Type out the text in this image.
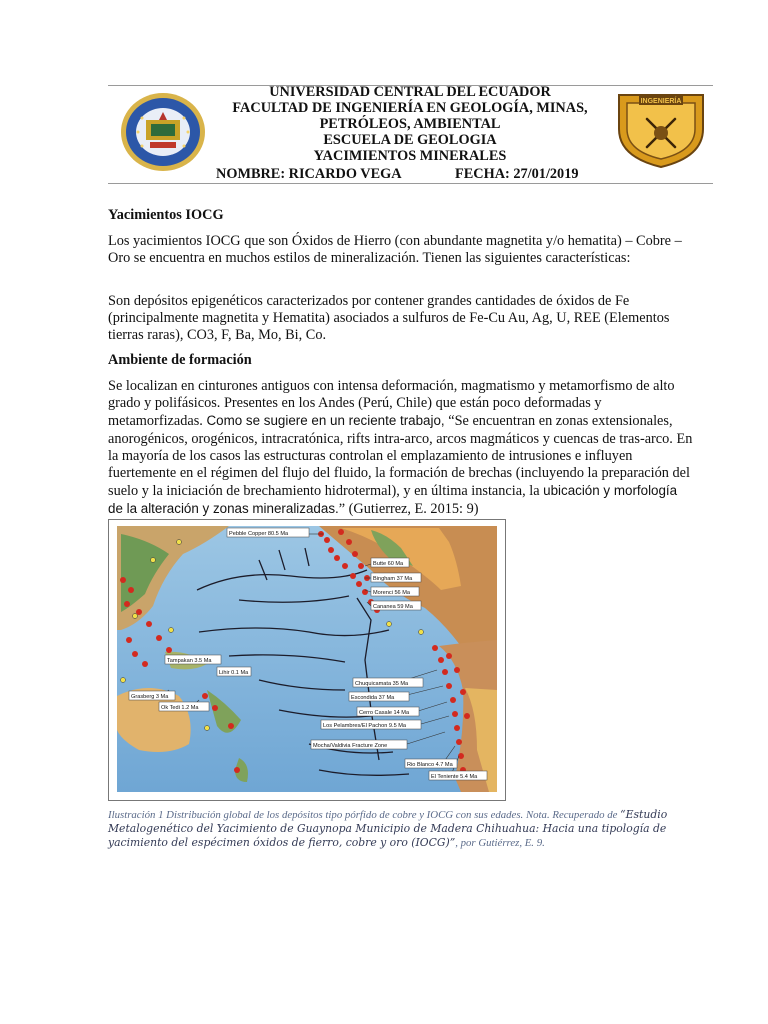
INGENIERÍA
UNIVERSIDAD CENTRAL DEL ECUADOR
FACULTAD DE INGENIERÍA EN GEOLOGÍA, MINAS,
PETRÓLEOS, AMBIENTAL
ESCUELA DE GEOLOGIA
YACIMIENTOS MINERALES
NOMBRE: RICARDO VEGA	FECHA: 27/01/2019

Yacimientos IOCG

Los yacimientos IOCG que son Óxidos de Hierro (con abundante magnetita y/o hematita) – Cobre – Oro se encuentra en muchos estilos de mineralización. Tienen las siguientes características:

Son depósitos epigenéticos caracterizados por contener grandes cantidades de óxidos de Fe (principalmente magnetita y Hematita) asociados a sulfuros de Fe-Cu Au, Ag, U, REE (Elementos tierras raras), CO3, F, Ba, Mo, Bi, Co.

Ambiente de formación

Se localizan en cinturones antiguos con intensa deformación, magmatismo y metamorfismo de alto grado y polifásicos. Presentes en los Andes (Perú, Chile) que están poco deformadas y metamorfizadas. Como se sugiere en un reciente trabajo, “Se encuentran en zonas extensionales, anorogénicos, orogénicos, intracratónica, rifts intra-arco, arcos magmáticos y cuencas de tras-arco. En la mayoría de los casos las estructuras controlan el emplazamiento de intrusiones e influyen fuertemente en el régimen del flujo del fluido, la formación de brechas (incluyendo la preparación del suelo y la iniciación de brechamiento hidrotermal), y en última instancia, la ubicación y morfología de la alteración y zonas mineralizadas.” (Gutierrez, E. 2015: 9)

Pebble Copper 80.5 Ma
Butte 60 Ma
Bingham 37 Ma
Morenci 56 Ma
Cananea 59 Ma
Tampakan 3.5 Ma
Lihir 0.1 Ma
Grasberg 3 Ma
Ok Tedi 1.2 Ma
Chuquicamata 35 Ma
Escondida 37 Ma
Cerro Casale 14 Ma
Los Pelambres/El Pachon 9.5 Ma
Mocha/Valdivia Fracture Zone
Rio Blanco 4.7 Ma
El Teniente 5.4 Ma
Ilustración 1 Distribución global de los depósitos tipo pórfido de cobre y IOCG con sus edades. Nota. Recuperado de “Estudio Metalogenético del Yacimiento de Guaynopa Municipio de Madera Chihuahua: Hacia una tipología de yacimiento del espécimen óxidos de fierro, cobre y oro (IOCG)”, por Gutiérrez, E. 9.
